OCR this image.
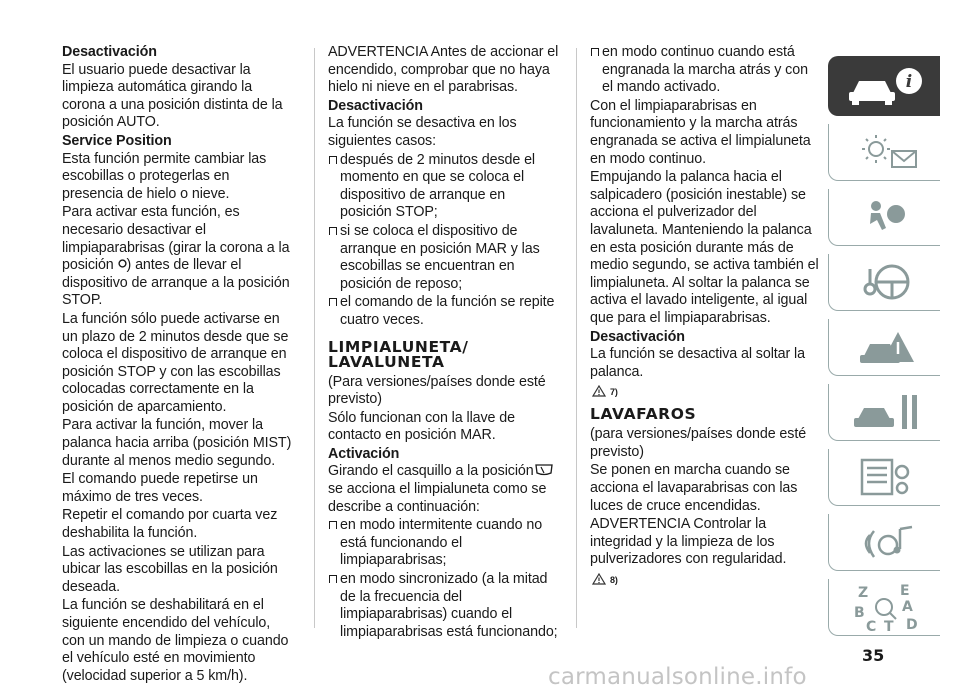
Desactivación

El usuario puede desactivar la limpieza automática girando la corona a una posición distinta de la posición AUTO.

Service Position

Esta función permite cambiar las escobillas o protegerlas en presencia de hielo o nieve.

Para activar esta función, es necesario desactivar el limpiaparabrisas (girar la corona a la posición ) antes de llevar el dispositivo de arranque a la posición STOP.

La función sólo puede activarse en un plazo de 2 minutos desde que se coloca el dispositivo de arranque en posición STOP y con las escobillas colocadas correctamente en la posición de aparcamiento.

Para activar la función, mover la palanca hacia arriba (posición MIST) durante al menos medio segundo.

El comando puede repetirse un máximo de tres veces.

Repetir el comando por cuarta vez deshabilita la función.

Las activaciones se utilizan para ubicar las escobillas en la posición deseada.

La función se deshabilitará en el siguiente encendido del vehículo, con un mando de limpieza o cuando el vehículo esté en movimiento (velocidad superior a 5 km/h).

ADVERTENCIA Antes de accionar el encendido, comprobar que no haya hielo ni nieve en el parabrisas.

Desactivación

La función se desactiva en los siguientes casos:

después de 2 minutos desde el momento en que se coloca el dispositivo de arranque en posición STOP;

si se coloca el dispositivo de arranque en posición MAR y las escobillas se encuentran en posición de reposo;

el comando de la función se repite cuatro veces.

LIMPIALUNETA/
LAVALUNETA

(Para versiones/países donde esté previsto)

Sólo funcionan con la llave de contacto en posición MAR.

Activación

Girando el casquillo a la posición se acciona el limpialuneta como se describe a continuación:

en modo intermitente cuando no está funcionando el limpiaparabrisas;

en modo sincronizado (a la mitad de la frecuencia del limpiaparabrisas) cuando el limpiaparabrisas está funcionando;

en modo continuo cuando está engranada la marcha atrás y con el mando activado.

Con el limpiaparabrisas en funcionamiento y la marcha atrás engranada se activa el limpialuneta en modo continuo.

Empujando la palanca hacia el salpicadero (posición inestable) se acciona el pulverizador del lavaluneta. Manteniendo la palanca en esta posición durante más de medio segundo, se activa también el limpialuneta. Al soltar la palanca se activa el lavado inteligente, al igual que para el limpiaparabrisas.

Desactivación

La función se desactiva al soltar la palanca.

7)
LAVAFAROS

(para versiones/países donde esté previsto)

Se ponen en marcha cuando se acciona el lavaparabrisas con las luces de cruce encendidas.

ADVERTENCIA Controlar la integridad y la limpieza de los pulverizadores con regularidad.

8)
i
Z E
B	A
C T D
35
carmanualsonline.info
